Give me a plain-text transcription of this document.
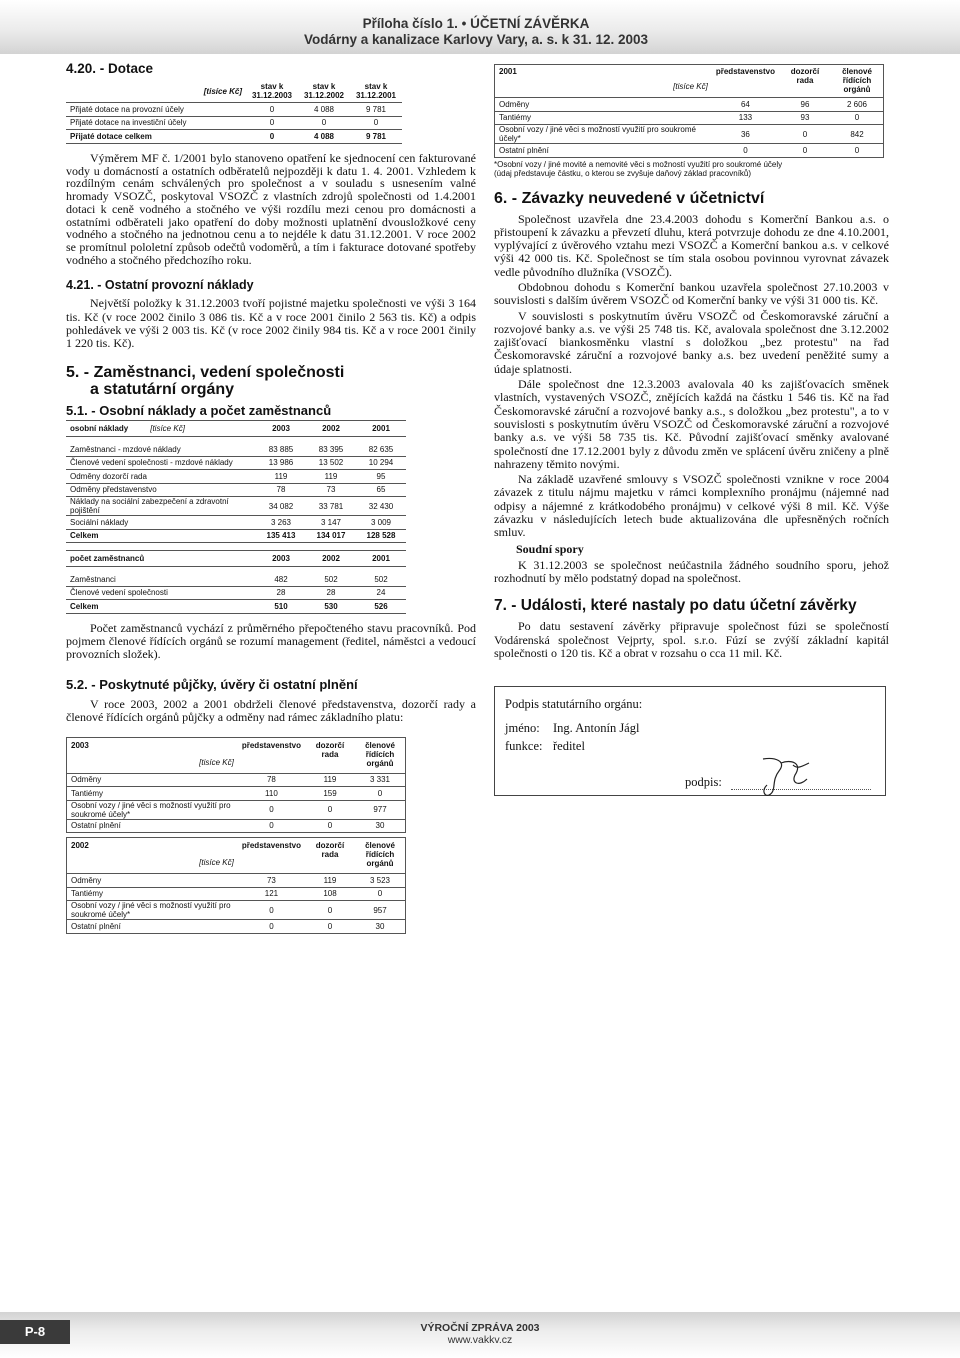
Příloha číslo 1. • ÚČETNÍ ZÁVĚRKA
Vodárny a kanalizace Karlovy Vary, a. s. k 31. 12. 2003
4.20. - Dotace
[tisíce Kč]	stav k 31.12.2003	stav k 31.12.2002	stav k 31.12.2001
Přijaté dotace na provozní účely	0	4 088	9 781
Přijaté dotace na investiční účely	0	0	0
Přijaté dotace celkem	0	4 088	9 781

Výměrem MF č. 1/2001 bylo stanoveno opatření ke sjednocení cen fakturované vody u domácností a ostatních odběratelů nejpozději k datu 1. 4. 2001. Vzhledem k rozdílným cenám schválených pro společnost a v souladu s usnesením valné hromady VSOZČ, poskytoval VSOZČ z vlastních zdrojů společnosti od 1.4.2001 dotaci k ceně vodného a stočného ve výši rozdílu mezi cenou pro domácnosti a ostatními odběrateli jako opatření do doby možnosti uplatnění dvousložkové ceny vodného a stočného na jednotnou cenu a to nejdéle k datu 31.12.2001. V roce 2002 se promítnul pololetní způsob odečtů vodoměrů, a tím i fakturace dotované spotřeby vodného a stočného předchozího roku.

4.21. - Ostatní provozní náklady

Největší položky k 31.12.2003 tvoří pojistné majetku společnosti ve výši 3 164 tis. Kč (v roce 2002 činilo 3 086 tis. Kč a v roce 2001 činilo 2 563 tis. Kč) a odpis pohledávek ve výši 2 003 tis. Kč (v roce 2002 činily 984 tis. Kč a v roce 2001 činily 1 220 tis. Kč).

5. - Zaměstnanci, vedení společnosti
a statutární orgány
5.1. - Osobní náklady a počet zaměstnanců
osobní náklady [tisíce Kč]	2003	2002	2001

Zaměstnanci - mzdové náklady	83 885	83 395	82 635
Členové vedení společnosti - mzdové náklady	13 986	13 502	10 294
Odměny dozorčí rada	119	119	95
Odměny představenstvo	78	73	65
Náklady na sociální zabezpečení a zdravotní pojištění	34 082	33 781	32 430
Sociální náklady	3 263	3 147	3 009
Celkem	135 413	134 017	128 528
počet zaměstnanců	2003	2002	2001

Zaměstnanci	482	502	502
Členové vedení společnosti	28	28	24
Celkem	510	530	526

Počet zaměstnanců vychází z průměrného přepočteného stavu pracovníků. Pod pojmem členové řídících orgánů se rozumí management (ředitel, náměstci a vedoucí provozních složek).

5.2. - Poskytnuté půjčky, úvěry či ostatní plnění

V roce 2003, 2002 a 2001 obdrželi členové představenstva, dozorčí rady a členové řídících orgánů půjčky a odměny nad rámec základního platu:

2003
[tisíce Kč]	představenstvo	dozorčí rada	členové řídících orgánů
Odměny	78	119	3 331
Tantiémy	110	159	0
Osobní vozy / jiné věci s možností využití pro soukromé účely*	0	0	977
Ostatní plnění	0	0	30
2002
[tisíce Kč]	představenstvo	dozorčí rada	členové řídících orgánů
Odměny	73	119	3 523
Tantiémy	121	108	0
Osobní vozy / jiné věci s možností využití pro soukromé účely*	0	0	957
Ostatní plnění	0	0	30
2001
[tisíce Kč]	představenstvo	dozorčí rada	členové řídících orgánů
Odměny	64	96	2 606
Tantiémy	133	93	0
Osobní vozy / jiné věci s možností využití pro soukromé účely*	36	0	842
Ostatní plnění	0	0	0
*Osobní vozy / jiné movité a nemovité věci s možností využití pro soukromé účely
(údaj představuje částku, o kterou se zvyšuje daňový základ pracovníků)
6. - Závazky neuvedené v účetnictví

Společnost uzavřela dne 23.4.2003 dohodu s Komerční Bankou a.s. o přistoupení k závazku a převzetí dluhu, která potvrzuje dohodu ze dne 4.10.2001, vyplývající z úvěrového vztahu mezi VSOZČ a Komerční bankou a.s. v celkové výši 42 000 tis. Kč. Společnost se tím stala osobou povinnou vyrovnat závazek vedle původního dlužníka (VSOZČ).

Obdobnou dohodu s Komerční bankou uzavřela společnost 27.10.2003 v souvislosti s dalším úvěrem VSOZČ od Komerční banky ve výši 31 000 tis. Kč.

V souvislosti s poskytnutím úvěru VSOZČ od Českomoravské záruční a rozvojové banky a.s. ve výši 25 748 tis. Kč, avalovala společnost dne 3.12.2002 zajišťovací biankosměnku vlastní s doložkou „bez protestu" na řad Českomoravské záruční a rozvojové banky a.s. bez uvedení peněžité sumy a údaje splatnosti.

Dále společnost dne 12.3.2003 avalovala 40 ks zajišťovacích směnek vlastních, vystavených VSOZČ, znějících každá na částku 1 546 tis. Kč na řad Českomoravské záruční a rozvojové banky a.s., s doložkou „bez protestu", a to v souvislosti s poskytnutím úvěru VSOZČ od Českomoravské záruční a rozvojové banky a.s. ve výši 58 735 tis. Kč. Původní zajišťovací směnky avalované společností dne 17.12.2001 byly z důvodu změn ve splácení úvěru zničeny a plně nahrazeny těmito novými.

Na základě uzavřené smlouvy s VSOZČ společnosti vznikne v roce 2004 závazek z titulu nájmu majetku v rámci komplexního pronájmu (nájemné nad odpisy a nájemné z krátkodobého pronájmu) v celkové výši 8 mil. Kč. Výše závazku v následujících letech bude aktualizována dle upřesněných ročních smluv.

Soudní spory

K 31.12.2003 se společnost neúčastnila žádného soudního sporu, jehož rozhodnutí by mělo podstatný dopad na společnost.

7. - Události, které nastaly po datu účetní závěrky

Po datu sestavení závěrky připravuje společnost fúzi se společností Vodárenská společnost Vejprty, spol. s.r.o. Fúzí se zvýší základní kapitál společnosti o 120 tis. Kč a obrat v rozsahu o cca 11 mil. Kč.

Podpis statutárního orgánu:
jméno: Ing. Antonín Jágl
funkce: ředitel
podpis:
P-8	VÝROČNÍ ZPRÁVA 2003
www.vakkv.cz
